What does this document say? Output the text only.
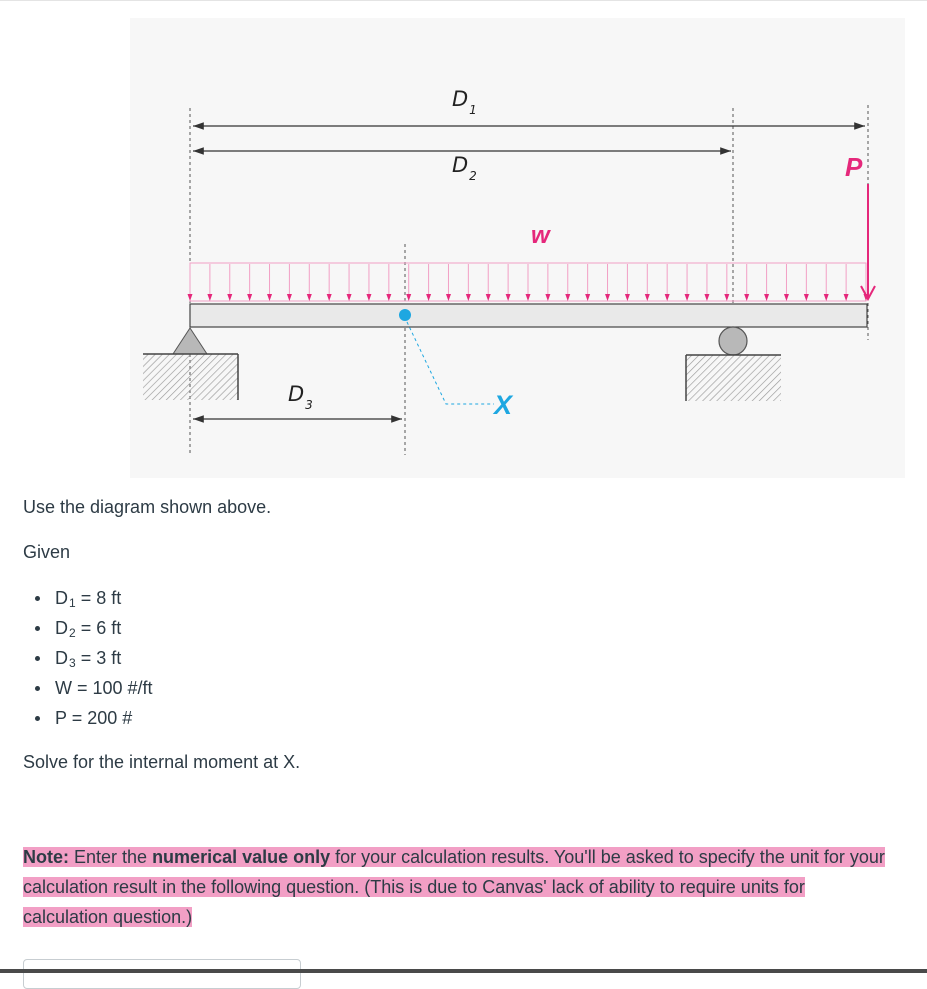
$D_1$
$D_2$
$D_3$
w
P
X

Use the diagram shown above.

Given

$D_1 = 8$ ft
$D_2 = 6$ ft
$D_3 = 3$ ft
W = 100 #/ft
P = 200 #

Solve for the internal moment at X.

Note: Enter the numerical value only for your calculation results. You'll be asked to specify the unit for your calculation result in the following question. (This is due to Canvas' lack of ability to require units for calculation question.)
